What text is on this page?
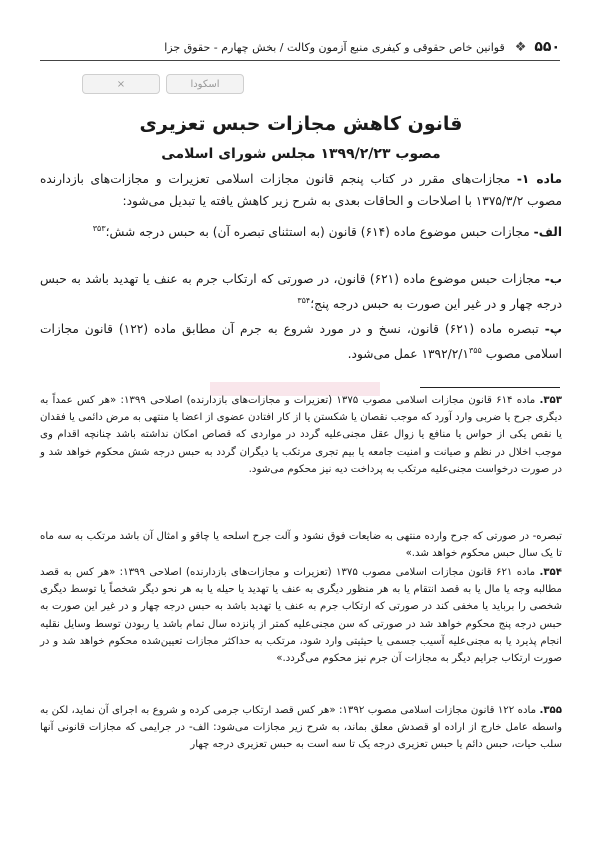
۵۵۰
❖
قوانین خاص حقوقی و کیفری منبع آزمون وکالت / بخش چهارم - حقوق جزا
×	اسکودا
قانون کاهش مجازات حبس تعزیری
مصوب ۱۳۹۹/۲/۲۳ مجلس شورای اسلامی
ماده ۱- مجازات‌های مقرر در کتاب پنجم قانون مجازات اسلامی تعزیرات و مجازات‌های بازدارنده مصوب ۱۳۷۵/۳/۲ با اصلاحات و الحاقات بعدی به شرح زیر کاهش یافته یا تبدیل می‌شود:
الف- مجازات حبس موضوع ماده (۶۱۴) قانون (به استثنای تبصره آن) به حبس درجه شش؛$^{۳۵۳}$
ب- مجازات حبس موضوع ماده (۶۲۱) قانون، در صورتی که ارتکاب جرم به عنف یا تهدید باشد به حبس درجه چهار و در غیر این صورت به حبس درجه پنج؛$^{۳۵۴}$
پ- تبصره ماده (۶۲۱) قانون، نسخ و در مورد شروع به جرم آن مطابق ماده (۱۲۲) قانون مجازات اسلامی مصوب $۱۳۹۲/۲/۱^{۳۵۵}$ عمل می‌شود.
۳۵۳. ماده ۶۱۴ قانون مجازات اسلامی مصوب ۱۳۷۵ (تعزیرات و مجازات‌های بازدارنده) اصلاحی ۱۳۹۹: «هر کس عمداً به دیگری جرح یا ضربی وارد آورد که موجب نقصان یا شکستن یا از کار افتادن عضوی از اعضا یا منتهی به مرض دائمی یا فقدان یا نقص یکی از حواس یا منافع یا زوال عقل مجنی‌علیه گردد در مواردی که قصاص امکان نداشته باشد چنانچه اقدام وی موجب اخلال در نظم و صیانت و امنیت جامعه یا بیم تجری مرتکب یا دیگران گردد به حبس درجه شش محکوم خواهد شد و در صورت درخواست مجنی‌علیه مرتکب به پرداخت دیه نیز محکوم می‌شود.
تبصره- در صورتی که جرح وارده منتهی به ضایعات فوق نشود و آلت جرح اسلحه یا چاقو و امثال آن باشد مرتکب به سه ماه تا یک سال حبس محکوم خواهد شد.»
۳۵۴. ماده ۶۲۱ قانون مجازات اسلامی مصوب ۱۳۷۵ (تعزیرات و مجازات‌های بازدارنده) اصلاحی ۱۳۹۹: «هر کس به قصد مطالبه وجه یا مال یا به قصد انتقام یا به هر منظور دیگری به عنف یا تهدید یا حیله یا به هر نحو دیگر شخصاً یا توسط دیگری شخصی را برباید یا مخفی کند در صورتی که ارتکاب جرم به عنف یا تهدید باشد به حبس درجه چهار و در غیر این صورت به حبس درجه پنج محکوم خواهد شد در صورتی که سن مجنی‌علیه کمتر از پانزده سال تمام باشد یا ربودن توسط وسایل نقلیه انجام پذیرد یا به مجنی‌علیه آسیب جسمی یا حیثیتی وارد شود، مرتکب به حداکثر مجازات تعیین‌شده محکوم خواهد شد و در صورت ارتکاب جرایم دیگر به مجازات آن جرم نیز محکوم می‌گردد.»
۳۵۵. ماده ۱۲۲ قانون مجازات اسلامی مصوب ۱۳۹۲: «هر کس قصد ارتکاب جرمی کرده و شروع به اجرای آن نماید، لکن به واسطه عامل خارج از اراده او قصدش معلق بماند، به شرح زیر مجازات می‌شود: الف- در جرایمی که مجازات قانونی آنها سلب حیات، حبس دائم یا حبس تعزیری درجه یک تا سه است به حبس تعزیری درجه چهار
